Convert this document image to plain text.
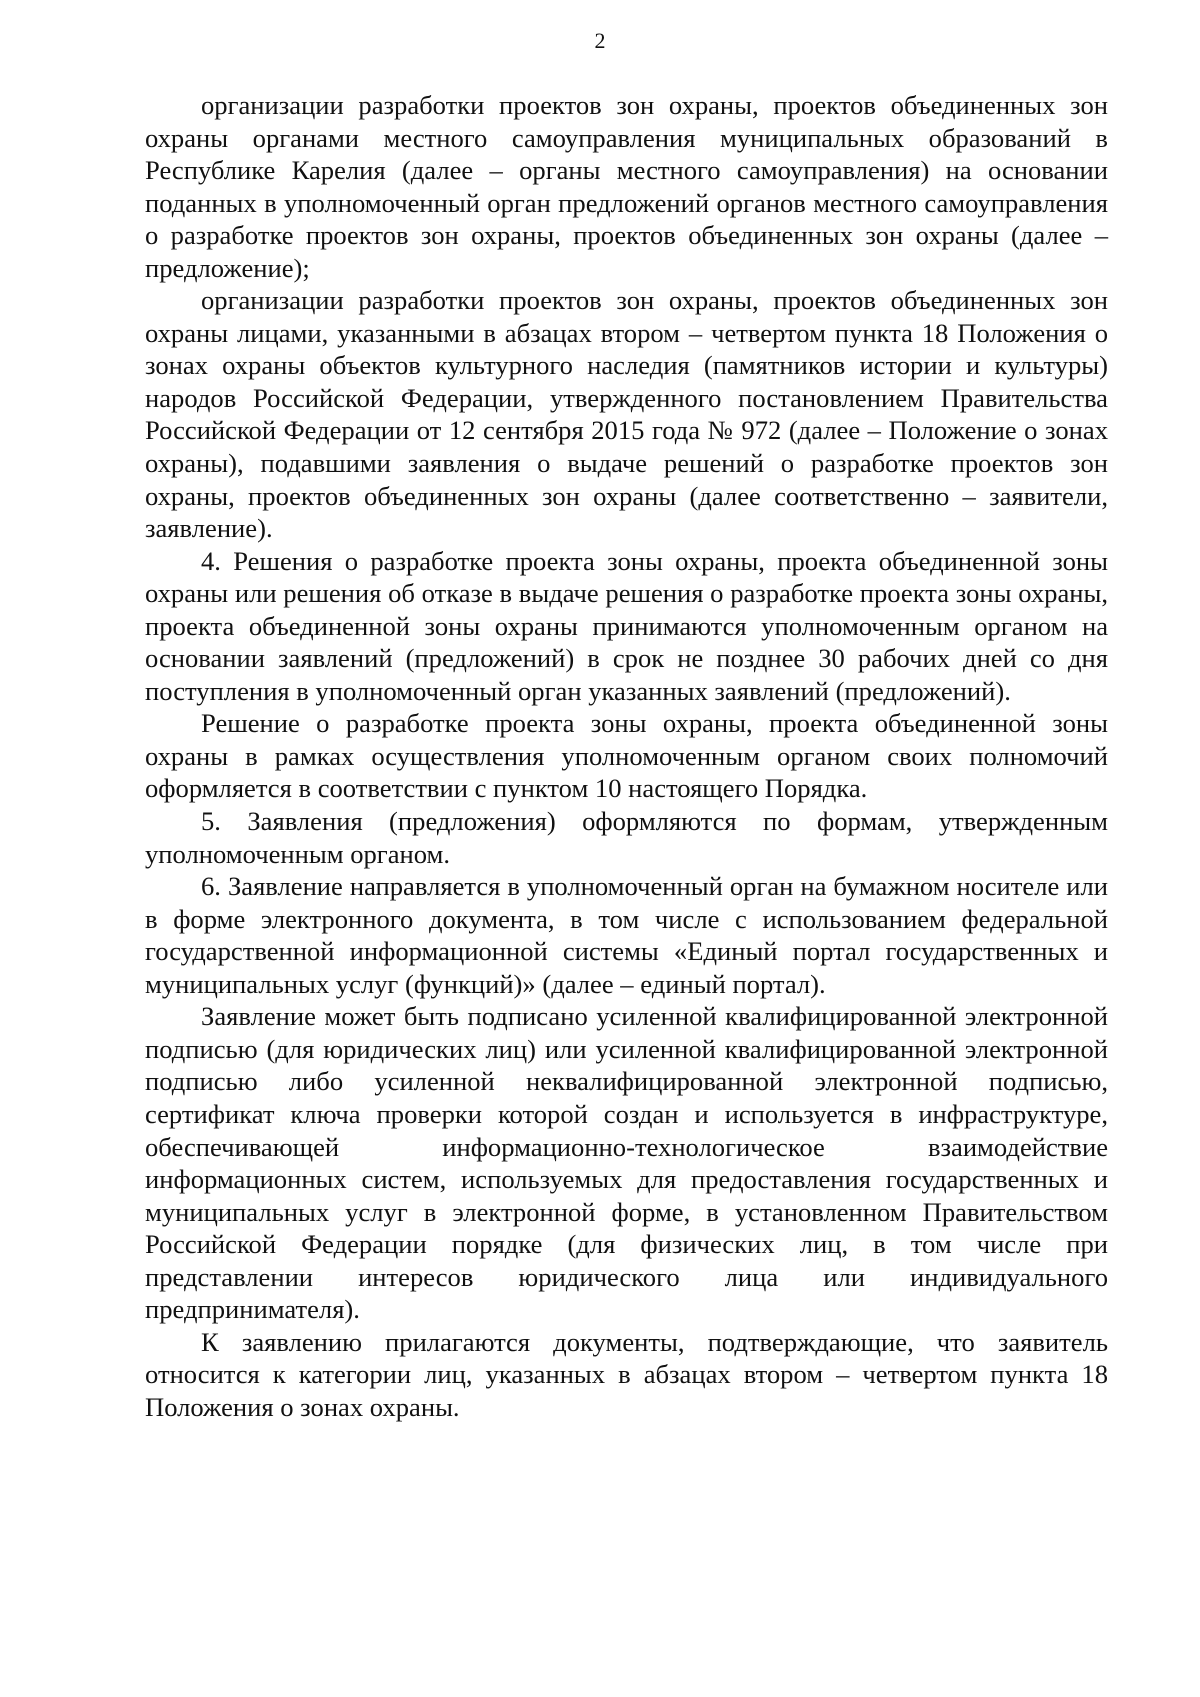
2

организации разработки проектов зон охраны, проектов объединенных зон охраны органами местного самоуправления муниципальных образований в Республике Карелия (далее – органы местного самоуправления) на основании поданных в уполномоченный орган предложений органов местного самоуправления о разработке проектов зон охраны, проектов объединенных зон охраны (далее – предложение);

организации разработки проектов зон охраны, проектов объединенных зон охраны лицами, указанными в абзацах втором – четвертом пункта 18 Положения о зонах охраны объектов культурного наследия (памятников истории и культуры) народов Российской Федерации, утвержденного постановлением Правительства Российской Федерации от 12 сентября 2015 года № 972 (далее – Положение о зонах охраны), подавшими заявления о выдаче решений о разработке проектов зон охраны, проектов объединенных зон охраны (далее соответственно – заявители, заявление).

4. Решения о разработке проекта зоны охраны, проекта объединенной зоны охраны или решения об отказе в выдаче решения о разработке проекта зоны охраны, проекта объединенной зоны охраны принимаются уполномоченным органом на основании заявлений (предложений) в срок не позднее 30 рабочих дней со дня поступления в уполномоченный орган указанных заявлений (предложений).

Решение о разработке проекта зоны охраны, проекта объединенной зоны охраны в рамках осуществления уполномоченным органом своих полномочий оформляется в соответствии с пунктом 10 настоящего Порядка.

5. Заявления (предложения) оформляются по формам, утвержденным уполномоченным органом.

6. Заявление направляется в уполномоченный орган на бумажном носителе или в форме электронного документа, в том числе с использованием федеральной государственной информационной системы «Единый портал государственных и муниципальных услуг (функций)» (далее – единый портал).

Заявление может быть подписано усиленной квалифицированной электронной подписью (для юридических лиц) или усиленной квалифицированной электронной подписью либо усиленной неквалифицированной электронной подписью, сертификат ключа проверки которой создан и используется в инфраструктуре, обеспечивающей информационно-технологическое взаимодействие информационных систем, используемых для предоставления государственных и муниципальных услуг в электронной форме, в установленном Правительством Российской Федерации порядке (для физических лиц, в том числе при представлении интересов юридического лица или индивидуального предпринимателя).

К заявлению прилагаются документы, подтверждающие, что заявитель относится к категории лиц, указанных в абзацах втором – четвертом пункта 18 Положения о зонах охраны.
